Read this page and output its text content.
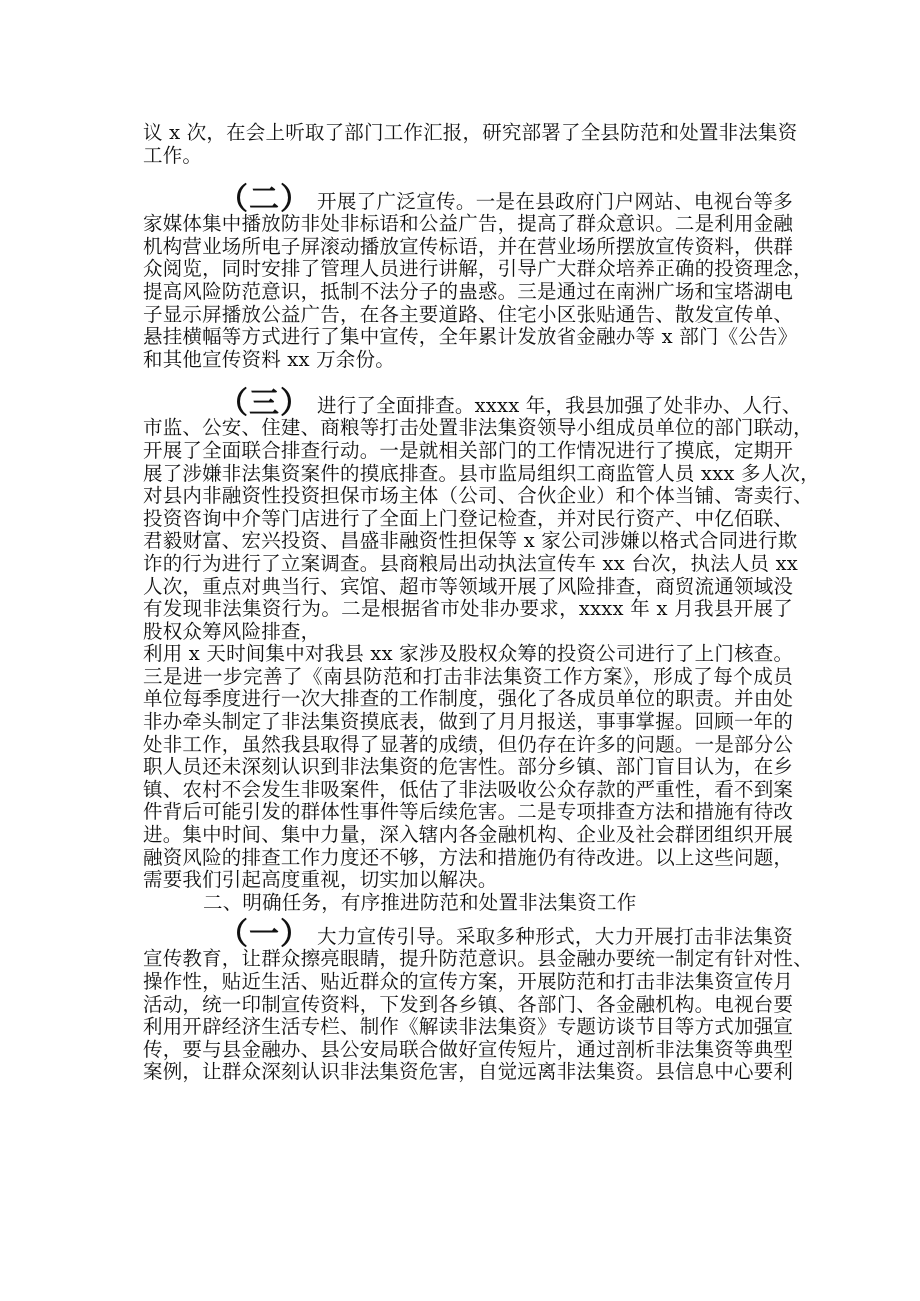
议 x 次，在会上听取了部门工作汇报，研究部署了全县防范和处置非法集资
工作。
（二） 开展了广泛宣传。一是在县政府门户网站、电视台等多
家媒体集中播放防非处非标语和公益广告，提高了群众意识。二是利用金融
机构营业场所电子屏滚动播放宣传标语，并在营业场所摆放宣传资料，供群
众阅览，同时安排了管理人员进行讲解，引导广大群众培养正确的投资理念，
提高风险防范意识，抵制不法分子的蛊惑。三是通过在南洲广场和宝塔湖电
子显示屏播放公益广告，在各主要道路、住宅小区张贴通告、散发宣传单、
悬挂横幅等方式进行了集中宣传，全年累计发放省金融办等 x 部门《公告》
和其他宣传资料 xx 万余份。
（三） 进行了全面排查。xxxx 年，我县加强了处非办、人行、
市监、公安、住建、商粮等打击处置非法集资领导小组成员单位的部门联动，
开展了全面联合排查行动。一是就相关部门的工作情况进行了摸底，定期开
展了涉嫌非法集资案件的摸底排查。县市监局组织工商监管人员 xxx 多人次，
对县内非融资性投资担保市场主体（公司、合伙企业）和个体当铺、寄卖行、
投资咨询中介等门店进行了全面上门登记检查，并对民行资产、中亿佰联、
君毅财富、宏兴投资、昌盛非融资性担保等 x 家公司涉嫌以格式合同进行欺
诈的行为进行了立案调查。县商粮局出动执法宣传车 xx 台次，执法人员 xx
人次，重点对典当行、宾馆、超市等领域开展了风险排查，商贸流通领域没
有发现非法集资行为。二是根据省市处非办要求，xxxx 年 x 月我县开展了
股权众筹风险排查，
利用 x 天时间集中对我县 xx 家涉及股权众筹的投资公司进行了上门核查。
三是进一步完善了《南县防范和打击非法集资工作方案》，形成了每个成员
单位每季度进行一次大排查的工作制度，强化了各成员单位的职责。并由处
非办牵头制定了非法集资摸底表，做到了月月报送，事事掌握。回顾一年的
处非工作，虽然我县取得了显著的成绩，但仍存在许多的问题。一是部分公
职人员还未深刻认识到非法集资的危害性。部分乡镇、部门盲目认为，在乡
镇、农村不会发生非吸案件，低估了非法吸收公众存款的严重性，看不到案
件背后可能引发的群体性事件等后续危害。二是专项排查方法和措施有待改
进。集中时间、集中力量，深入辖内各金融机构、企业及社会群团组织开展
融资风险的排查工作力度还不够，方法和措施仍有待改进。以上这些问题，
需要我们引起高度重视，切实加以解决。
二、明确任务，有序推进防范和处置非法集资工作
（一） 大力宣传引导。采取多种形式，大力开展打击非法集资
宣传教育，让群众擦亮眼睛，提升防范意识。县金融办要统一制定有针对性、
操作性，贴近生活、贴近群众的宣传方案，开展防范和打击非法集资宣传月
活动，统一印制宣传资料，下发到各乡镇、各部门、各金融机构。电视台要
利用开辟经济生活专栏、制作《解读非法集资》专题访谈节目等方式加强宣
传，要与县金融办、县公安局联合做好宣传短片，通过剖析非法集资等典型
案例，让群众深刻认识非法集资危害，自觉远离非法集资。县信息中心要利
